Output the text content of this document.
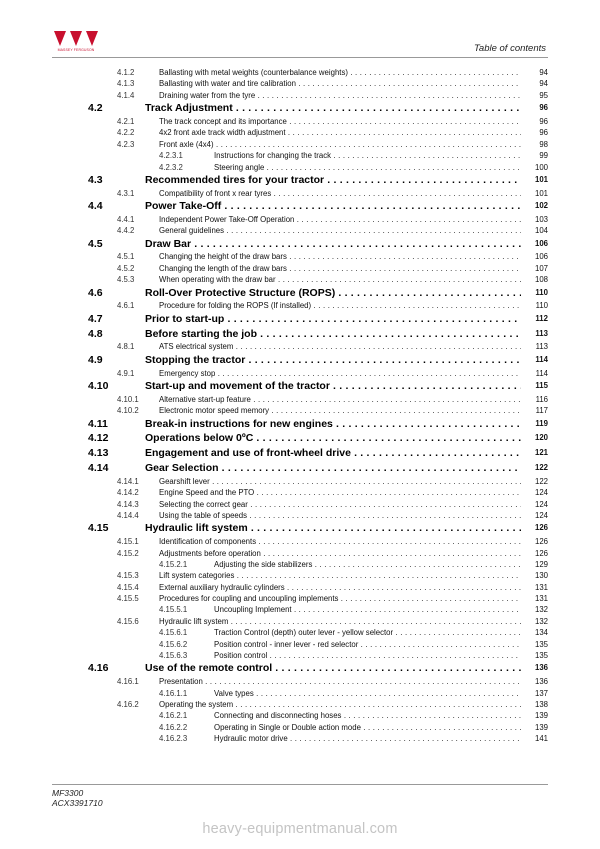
MASSEY FERGUSON	Table of contents
4.1.2	Ballasting with metal weights (counterbalance weights) . . .	94
4.1.3	Ballasting with water and tire calibration . . .	94
4.1.4	Draining water from the tyre . . .	95
4.2	Track Adjustment . . .	96
4.2.1	The track concept and its importance . . .	96
4.2.2	4x2 front axle track width adjustment . . .	96
4.2.3	Front axle (4x4) . . .	98
4.2.3.1	Instructions for changing the track . . .	99
4.2.3.2	Steering angle . . .	100
4.3	Recommended tires for your tractor . . .	101
4.3.1	Compatibility of front x rear tyres . . .	101
4.4	Power Take-Off . . .	102
4.4.1	Independent Power Take-Off Operation . . .	103
4.4.2	General guidelines . . .	104
4.5	Draw Bar . . .	106
4.5.1	Changing the height of the draw bars . . .	106
4.5.2	Changing the length of the draw bars . . .	107
4.5.3	When operating with the draw bar . . .	108
4.6	Roll-Over Protective Structure (ROPS) . . .	110
4.6.1	Procedure for folding the ROPS (If installed) . . .	110
4.7	Prior to start-up . . .	112
4.8	Before starting the job . . .	113
4.8.1	ATS electrical system . . .	113
4.9	Stopping the tractor . . .	114
4.9.1	Emergency stop . . .	114
4.10	Start-up and movement of the tractor . . .	115
4.10.1	Alternative start-up feature . . .	116
4.10.2	Electronic motor speed memory . . .	117
4.11	Break-in instructions for new engines . . .	119
4.12	Operations below 0ºC . . .	120
4.13	Engagement and use of front-wheel drive . . .	121
4.14	Gear Selection . . .	122
4.14.1	Gearshift lever . . .	122
4.14.2	Engine Speed and the PTO . . .	124
4.14.3	Selecting the correct gear . . .	124
4.14.4	Using the table of speeds . . .	124
4.15	Hydraulic lift system . . .	126
4.15.1	Identification of components . . .	126
4.15.2	Adjustments before operation . . .	126
4.15.2.1	Adjusting the side stabilizers . . .	129
4.15.3	Lift system categories . . .	130
4.15.4	External auxiliary hydraulic cylinders . . .	131
4.15.5	Procedures for coupling and uncoupling implements . . .	131
4.15.5.1	Uncoupling Implement . . .	132
4.15.6	Hydraulic lift system . . .	132
4.15.6.1	Traction Control (depth) outer lever - yellow selector . . .	134
4.15.6.2	Position control - inner lever - red selector . . .	135
4.15.6.3	Position control . . .	135
4.16	Use of the remote control . . .	136
4.16.1	Presentation . . .	136
4.16.1.1	Valve types . . .	137
4.16.2	Operating the system . . .	138
4.16.2.1	Connecting and disconnecting hoses . . .	139
4.16.2.2	Operating in Single or Double action mode . . .	139
4.16.2.3	Hydraulic motor drive . . .	141
MF3300
ACX3391710
heavy-equipmentmanual.com
